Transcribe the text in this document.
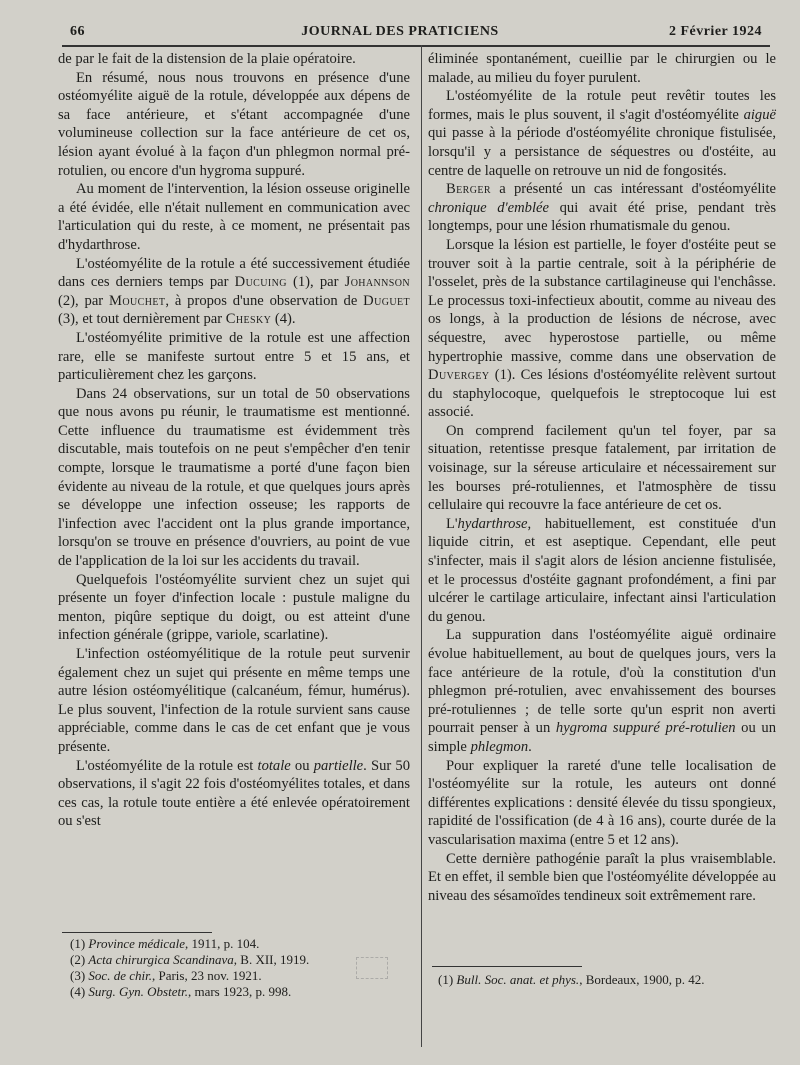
66	JOURNAL DES PRATICIENS	2 Février 1924

de par le fait de la distension de la plaie opératoire.

En résumé, nous nous trouvons en présence d'une ostéomyélite aiguë de la rotule, développée aux dépens de sa face antérieure, et s'étant accompagnée d'une volumineuse collection sur la face antérieure de cet os, lésion ayant évolué à la façon d'un phlegmon normal pré-rotulien, ou encore d'un hygroma suppuré.

Au moment de l'intervention, la lésion osseuse originelle a été évidée, elle n'était nullement en communication avec l'articulation qui du reste, à ce moment, ne présentait pas d'hydarthrose.

L'ostéomyélite de la rotule a été successivement étudiée dans ces derniers temps par Ducuing (1), par Johannson (2), par Mouchet, à propos d'une observation de Duguet (3), et tout dernièrement par Chesky (4).

L'ostéomyélite primitive de la rotule est une affection rare, elle se manifeste surtout entre 5 et 15 ans, et particulièrement chez les garçons.

Dans 24 observations, sur un total de 50 observations que nous avons pu réunir, le traumatisme est mentionné. Cette influence du traumatisme est évidemment très discutable, mais toutefois on ne peut s'empêcher d'en tenir compte, lorsque le traumatisme a porté d'une façon bien évidente au niveau de la rotule, et que quelques jours après se développe une infection osseuse; les rapports de l'infection avec l'accident ont la plus grande importance, lorsqu'on se trouve en présence d'ouvriers, au point de vue de l'application de la loi sur les accidents du travail.

Quelquefois l'ostéomyélite survient chez un sujet qui présente un foyer d'infection locale : pustule maligne du menton, piqûre septique du doigt, ou est atteint d'une infection générale (grippe, variole, scarlatine).

L'infection ostéomyélitique de la rotule peut survenir également chez un sujet qui présente en même temps une autre lésion ostéomyélitique (calcanéum, fémur, humérus). Le plus souvent, l'infection de la rotule survient sans cause appréciable, comme dans le cas de cet enfant que je vous présente.

L'ostéomyélite de la rotule est totale ou partielle. Sur 50 observations, il s'agit 22 fois d'ostéomyélites totales, et dans ces cas, la rotule toute entière a été enlevée opératoirement ou s'est

(1) Province médicale, 1911, p. 104.
(2) Acta chirurgica Scandinava, B. XII, 1919.
(3) Soc. de chir., Paris, 23 nov. 1921.
(4) Surg. Gyn. Obstetr., mars 1923, p. 998.

éliminée spontanément, cueillie par le chirurgien ou le malade, au milieu du foyer purulent.

L'ostéomyélite de la rotule peut revêtir toutes les formes, mais le plus souvent, il s'agit d'ostéomyélite aiguë qui passe à la période d'ostéomyélite chronique fistulisée, lorsqu'il y a persistance de séquestres ou d'ostéite, au centre de laquelle on retrouve un nid de fongosités.

Berger a présenté un cas intéressant d'ostéomyélite chronique d'emblée qui avait été prise, pendant très longtemps, pour une lésion rhumatismale du genou.

Lorsque la lésion est partielle, le foyer d'ostéite peut se trouver soit à la partie centrale, soit à la périphérie de l'osselet, près de la substance cartilagineuse qui l'enchâsse. Le processus toxi-infectieux aboutit, comme au niveau des os longs, à la production de lésions de nécrose, avec séquestre, avec hyperostose partielle, ou même hypertrophie massive, comme dans une observation de Duvergey (1). Ces lésions d'ostéomyélite relèvent surtout du staphylocoque, quelquefois le streptocoque lui est associé.

On comprend facilement qu'un tel foyer, par sa situation, retentisse presque fatalement, par irritation de voisinage, sur la séreuse articulaire et nécessairement sur les bourses pré-rotuliennes, et l'atmosphère de tissu cellulaire qui recouvre la face antérieure de cet os.

L'hydarthrose, habituellement, est constituée d'un liquide citrin, et est aseptique. Cependant, elle peut s'infecter, mais il s'agit alors de lésion ancienne fistulisée, et le processus d'ostéite gagnant profondément, a fini par ulcérer le cartilage articulaire, infectant ainsi l'articulation du genou.

La suppuration dans l'ostéomyélite aiguë ordinaire évolue habituellement, au bout de quelques jours, vers la face antérieure de la rotule, d'où la constitution d'un phlegmon pré-rotulien, avec envahissement des bourses pré-rotuliennes ; de telle sorte qu'un esprit non averti pourrait penser à un hygroma suppuré pré-rotulien ou un simple phlegmon.

Pour expliquer la rareté d'une telle localisation de l'ostéomyélite sur la rotule, les auteurs ont donné différentes explications : densité élevée du tissu spongieux, rapidité de l'ossification (de 4 à 16 ans), courte durée de la vascularisation maxima (entre 5 et 12 ans).

Cette dernière pathogénie paraît la plus vraisemblable. Et en effet, il semble bien que l'ostéomyélite développée au niveau des sésamoïdes tendineux soit extrêmement rare.

(1) Bull. Soc. anat. et phys., Bordeaux, 1900, p. 42.
